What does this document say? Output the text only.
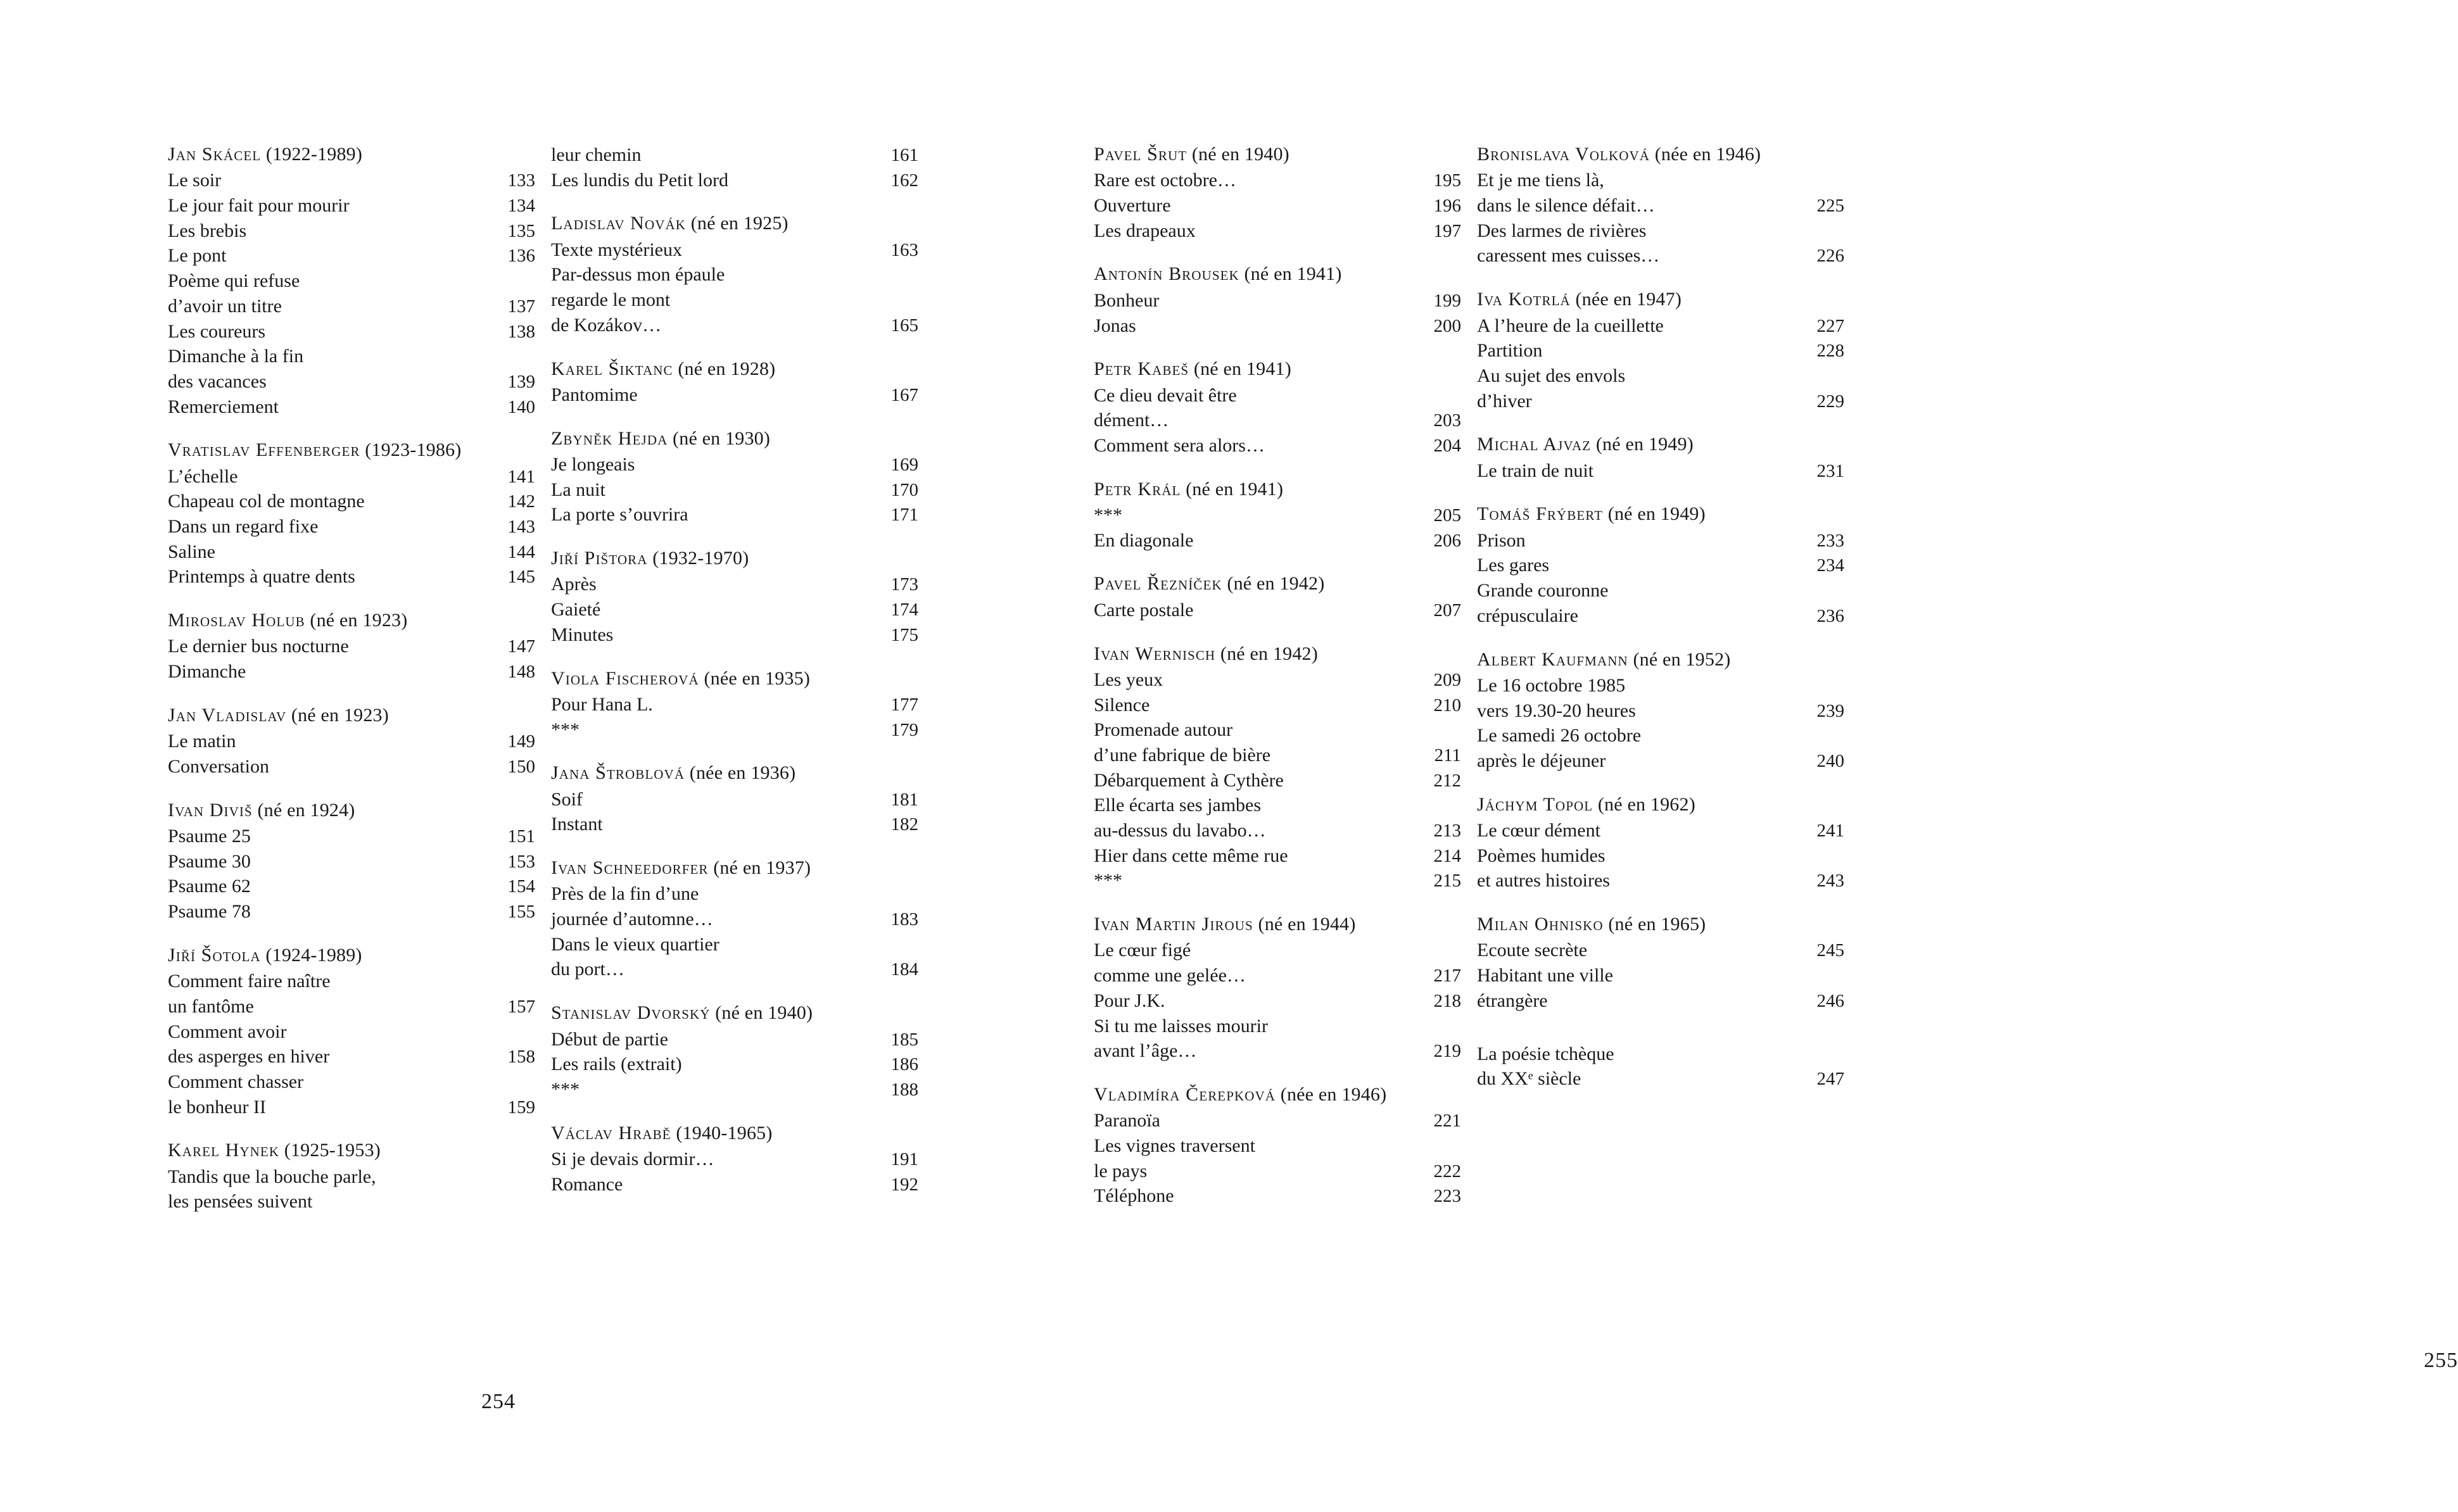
Jan Skácel (1922-1989)
Le soir	133
Le jour fait pour mourir	134
Les brebis	135
Le pont	136
Poème qui refuse
d’avoir un titre	137
Les coureurs	138
Dimanche à la fin
des vacances	139
Remerciement	140
Vratislav Effenberger (1923-1986)
L’échelle	141
Chapeau col de montagne	142
Dans un regard fixe	143
Saline	144
Printemps à quatre dents	145
Miroslav Holub (né en 1923)
Le dernier bus nocturne	147
Dimanche	148
Jan Vladislav (né en 1923)
Le matin	149
Conversation	150
Ivan Diviš (né en 1924)
Psaume 25	151
Psaume 30	153
Psaume 62	154
Psaume 78	155
Jiří Šotola (1924-1989)
Comment faire naître
un fantôme	157
Comment avoir
des asperges en hiver	158
Comment chasser
le bonheur II	159
Karel Hynek (1925-1953)
Tandis que la bouche parle,
les pensées suivent
leur chemin	161
Les lundis du Petit lord	162
Ladislav Novák (né en 1925)
Texte mystérieux	163
Par-dessus mon épaule
regarde le mont
de Kozákov…	165
Karel Šiktanc (né en 1928)
Pantomime	167
Zbyněk Hejda (né en 1930)
Je longeais	169
La nuit	170
La porte s’ouvrira	171
Jiří Pištora (1932-1970)
Après	173
Gaieté	174
Minutes	175
Viola Fischerová (née en 1935)
Pour Hana L.	177
***	179
Jana Štroblová (née en 1936)
Soif	181
Instant	182
Ivan Schneedorfer (né en 1937)
Près de la fin d’une
journée d’automne…	183
Dans le vieux quartier
du port…	184
Stanislav Dvorský (né en 1940)
Début de partie	185
Les rails (extrait)	186
***	188
Václav Hrabě (1940-1965)
Si je devais dormir…	191
Romance	192
254
Pavel Šrut (né en 1940)
Rare est octobre…	195
Ouverture	196
Les drapeaux	197
Antonín Brousek (né en 1941)
Bonheur	199
Jonas	200
Petr Kabeš (né en 1941)
Ce dieu devait être
dément…	203
Comment sera alors…	204
Petr Král (né en 1941)
***	205
En diagonale	206
Pavel Řezníček (né en 1942)
Carte postale	207
Ivan Wernisch (né en 1942)
Les yeux	209
Silence	210
Promenade autour
d’une fabrique de bière	211
Débarquement à Cythère	212
Elle écarta ses jambes
au-dessus du lavabo…	213
Hier dans cette même rue	214
***	215
Ivan Martin Jirous (né en 1944)
Le cœur figé
comme une gelée…	217
Pour J.K.	218
Si tu me laisses mourir
avant l’âge…	219
Vladimíra Čerepková (née en 1946)
Paranoïa	221
Les vignes traversent
le pays	222
Téléphone	223
Bronislava Volková (née en 1946)
Et je me tiens là,
dans le silence défait…	225
Des larmes de rivières
caressent mes cuisses…	226
Iva Kotrlá (née en 1947)
A l’heure de la cueillette	227
Partition	228
Au sujet des envols
d’hiver	229
Michal Ajvaz (né en 1949)
Le train de nuit	231
Tomáš Frýbert (né en 1949)
Prison	233
Les gares	234
Grande couronne
crépusculaire	236
Albert Kaufmann (né en 1952)
Le 16 octobre 1985
vers 19.30-20 heures	239
Le samedi 26 octobre
après le déjeuner	240
Jáchym Topol (né en 1962)
Le cœur dément	241
Poèmes humides
et autres histoires	243
Milan Ohnisko (né en 1965)
Ecoute secrète	245
Habitant une ville
étrangère	246
La poésie tchèque
du XXᵉ siècle	247
255
